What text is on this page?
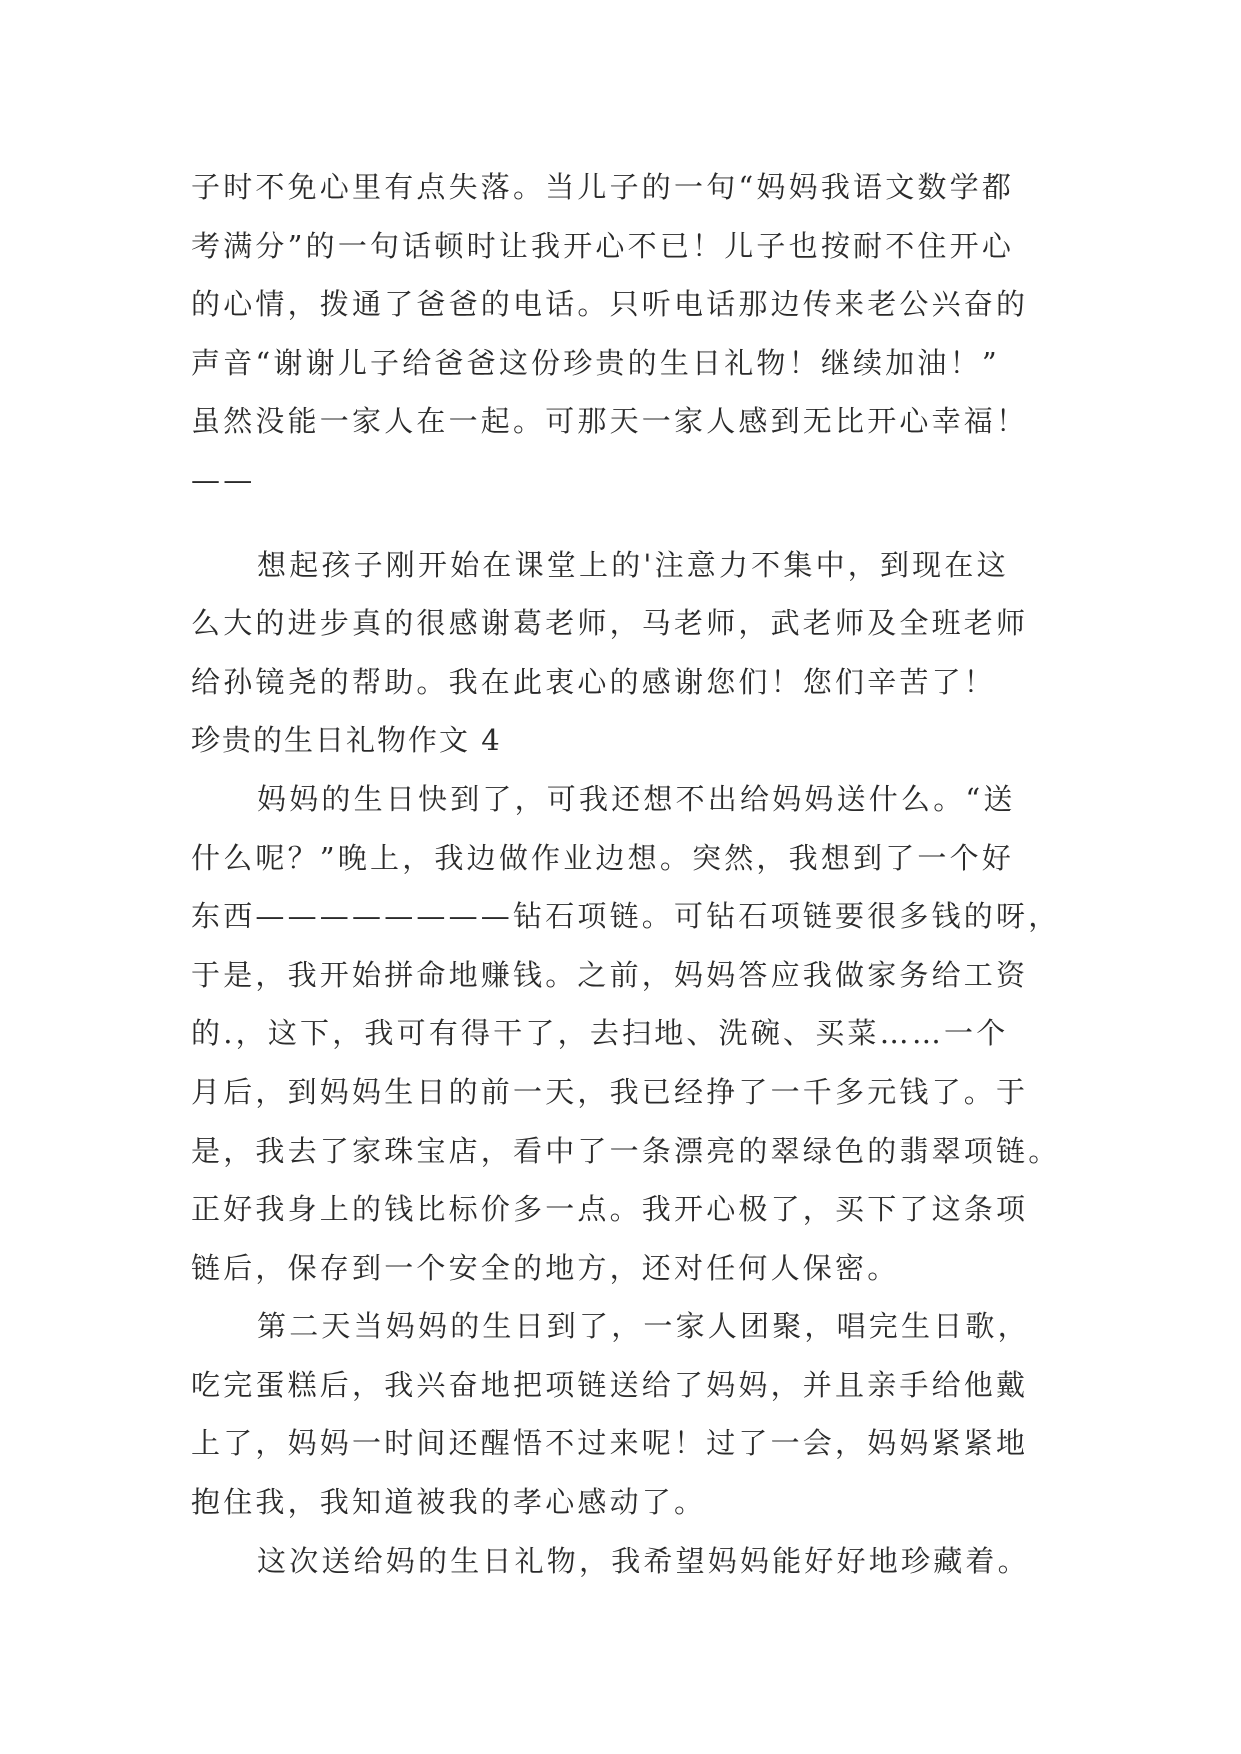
子时不免心里有点失落。当儿子的一句“妈妈我语文数学都
考满分”的一句话顿时让我开心不已！儿子也按耐不住开心
的心情，拨通了爸爸的电话。只听电话那边传来老公兴奋的
声音“谢谢儿子给爸爸这份珍贵的生日礼物！继续加油！”
虽然没能一家人在一起。可那天一家人感到无比开心幸福！
——
想起孩子刚开始在课堂上的'注意力不集中，到现在这
么大的进步真的很感谢葛老师，马老师，武老师及全班老师
给孙镜尧的帮助。我在此衷心的感谢您们！您们辛苦了！
珍贵的生日礼物作文 4
妈妈的生日快到了，可我还想不出给妈妈送什么。“送
什么呢？”晚上，我边做作业边想。突然，我想到了一个好
东西————————钻石项链。可钻石项链要很多钱的呀，
于是，我开始拼命地赚钱。之前，妈妈答应我做家务给工资
的.，这下，我可有得干了，去扫地、洗碗、买菜……一个
月后，到妈妈生日的前一天，我已经挣了一千多元钱了。于
是，我去了家珠宝店，看中了一条漂亮的翠绿色的翡翠项链。
正好我身上的钱比标价多一点。我开心极了，买下了这条项
链后，保存到一个安全的地方，还对任何人保密。
第二天当妈妈的生日到了，一家人团聚，唱完生日歌，
吃完蛋糕后，我兴奋地把项链送给了妈妈，并且亲手给他戴
上了，妈妈一时间还醒悟不过来呢！过了一会，妈妈紧紧地
抱住我，我知道被我的孝心感动了。
这次送给妈的生日礼物，我希望妈妈能好好地珍藏着。
